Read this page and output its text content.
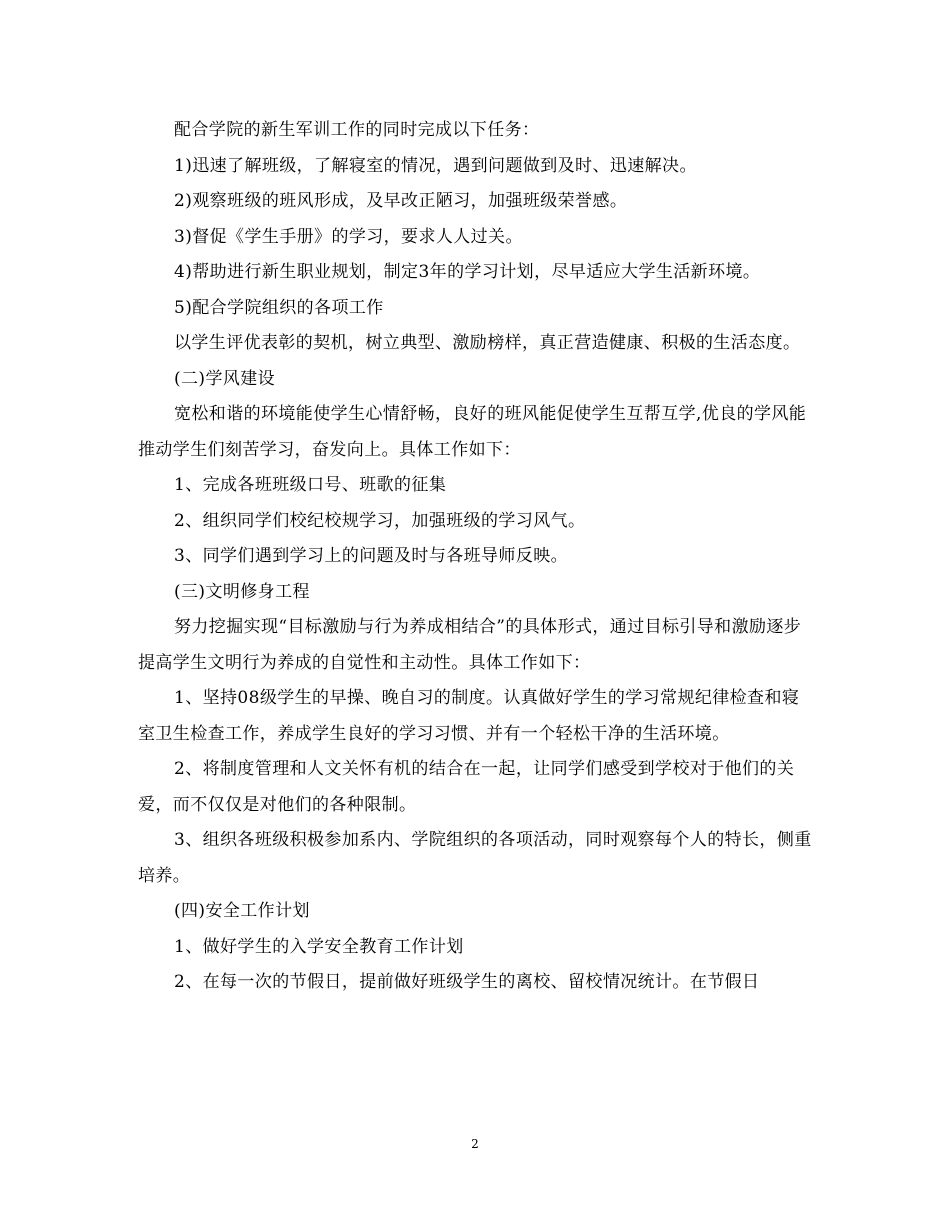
配合学院的新生军训工作的同时完成以下任务：

1)迅速了解班级，了解寝室的情况，遇到问题做到及时、迅速解决。

2)观察班级的班风形成，及早改正陋习，加强班级荣誉感。

3)督促《学生手册》的学习，要求人人过关。

4)帮助进行新生职业规划，制定3年的学习计划，尽早适应大学生活新环境。

5)配合学院组织的各项工作

以学生评优表彰的契机，树立典型、激励榜样，真正营造健康、积极的生活态度。

(二)学风建设

宽松和谐的环境能使学生心情舒畅，良好的班风能促使学生互帮互学,优良的学风能推动学生们刻苦学习，奋发向上。具体工作如下：

1、完成各班班级口号、班歌的征集

2、组织同学们校纪校规学习，加强班级的学习风气。

3、同学们遇到学习上的问题及时与各班导师反映。

(三)文明修身工程

努力挖掘实现“目标激励与行为养成相结合”的具体形式，通过目标引导和激励逐步提高学生文明行为养成的自觉性和主动性。具体工作如下：

1、坚持08级学生的早操、晚自习的制度。认真做好学生的学习常规纪律检查和寝室卫生检查工作，养成学生良好的学习习惯、并有一个轻松干净的生活环境。

2、将制度管理和人文关怀有机的结合在一起，让同学们感受到学校对于他们的关爱，而不仅仅是对他们的各种限制。

3、组织各班级积极参加系内、学院组织的各项活动，同时观察每个人的特长，侧重培养。

(四)安全工作计划

1、做好学生的入学安全教育工作计划

2、在每一次的节假日，提前做好班级学生的离校、留校情况统计。在节假日

2
